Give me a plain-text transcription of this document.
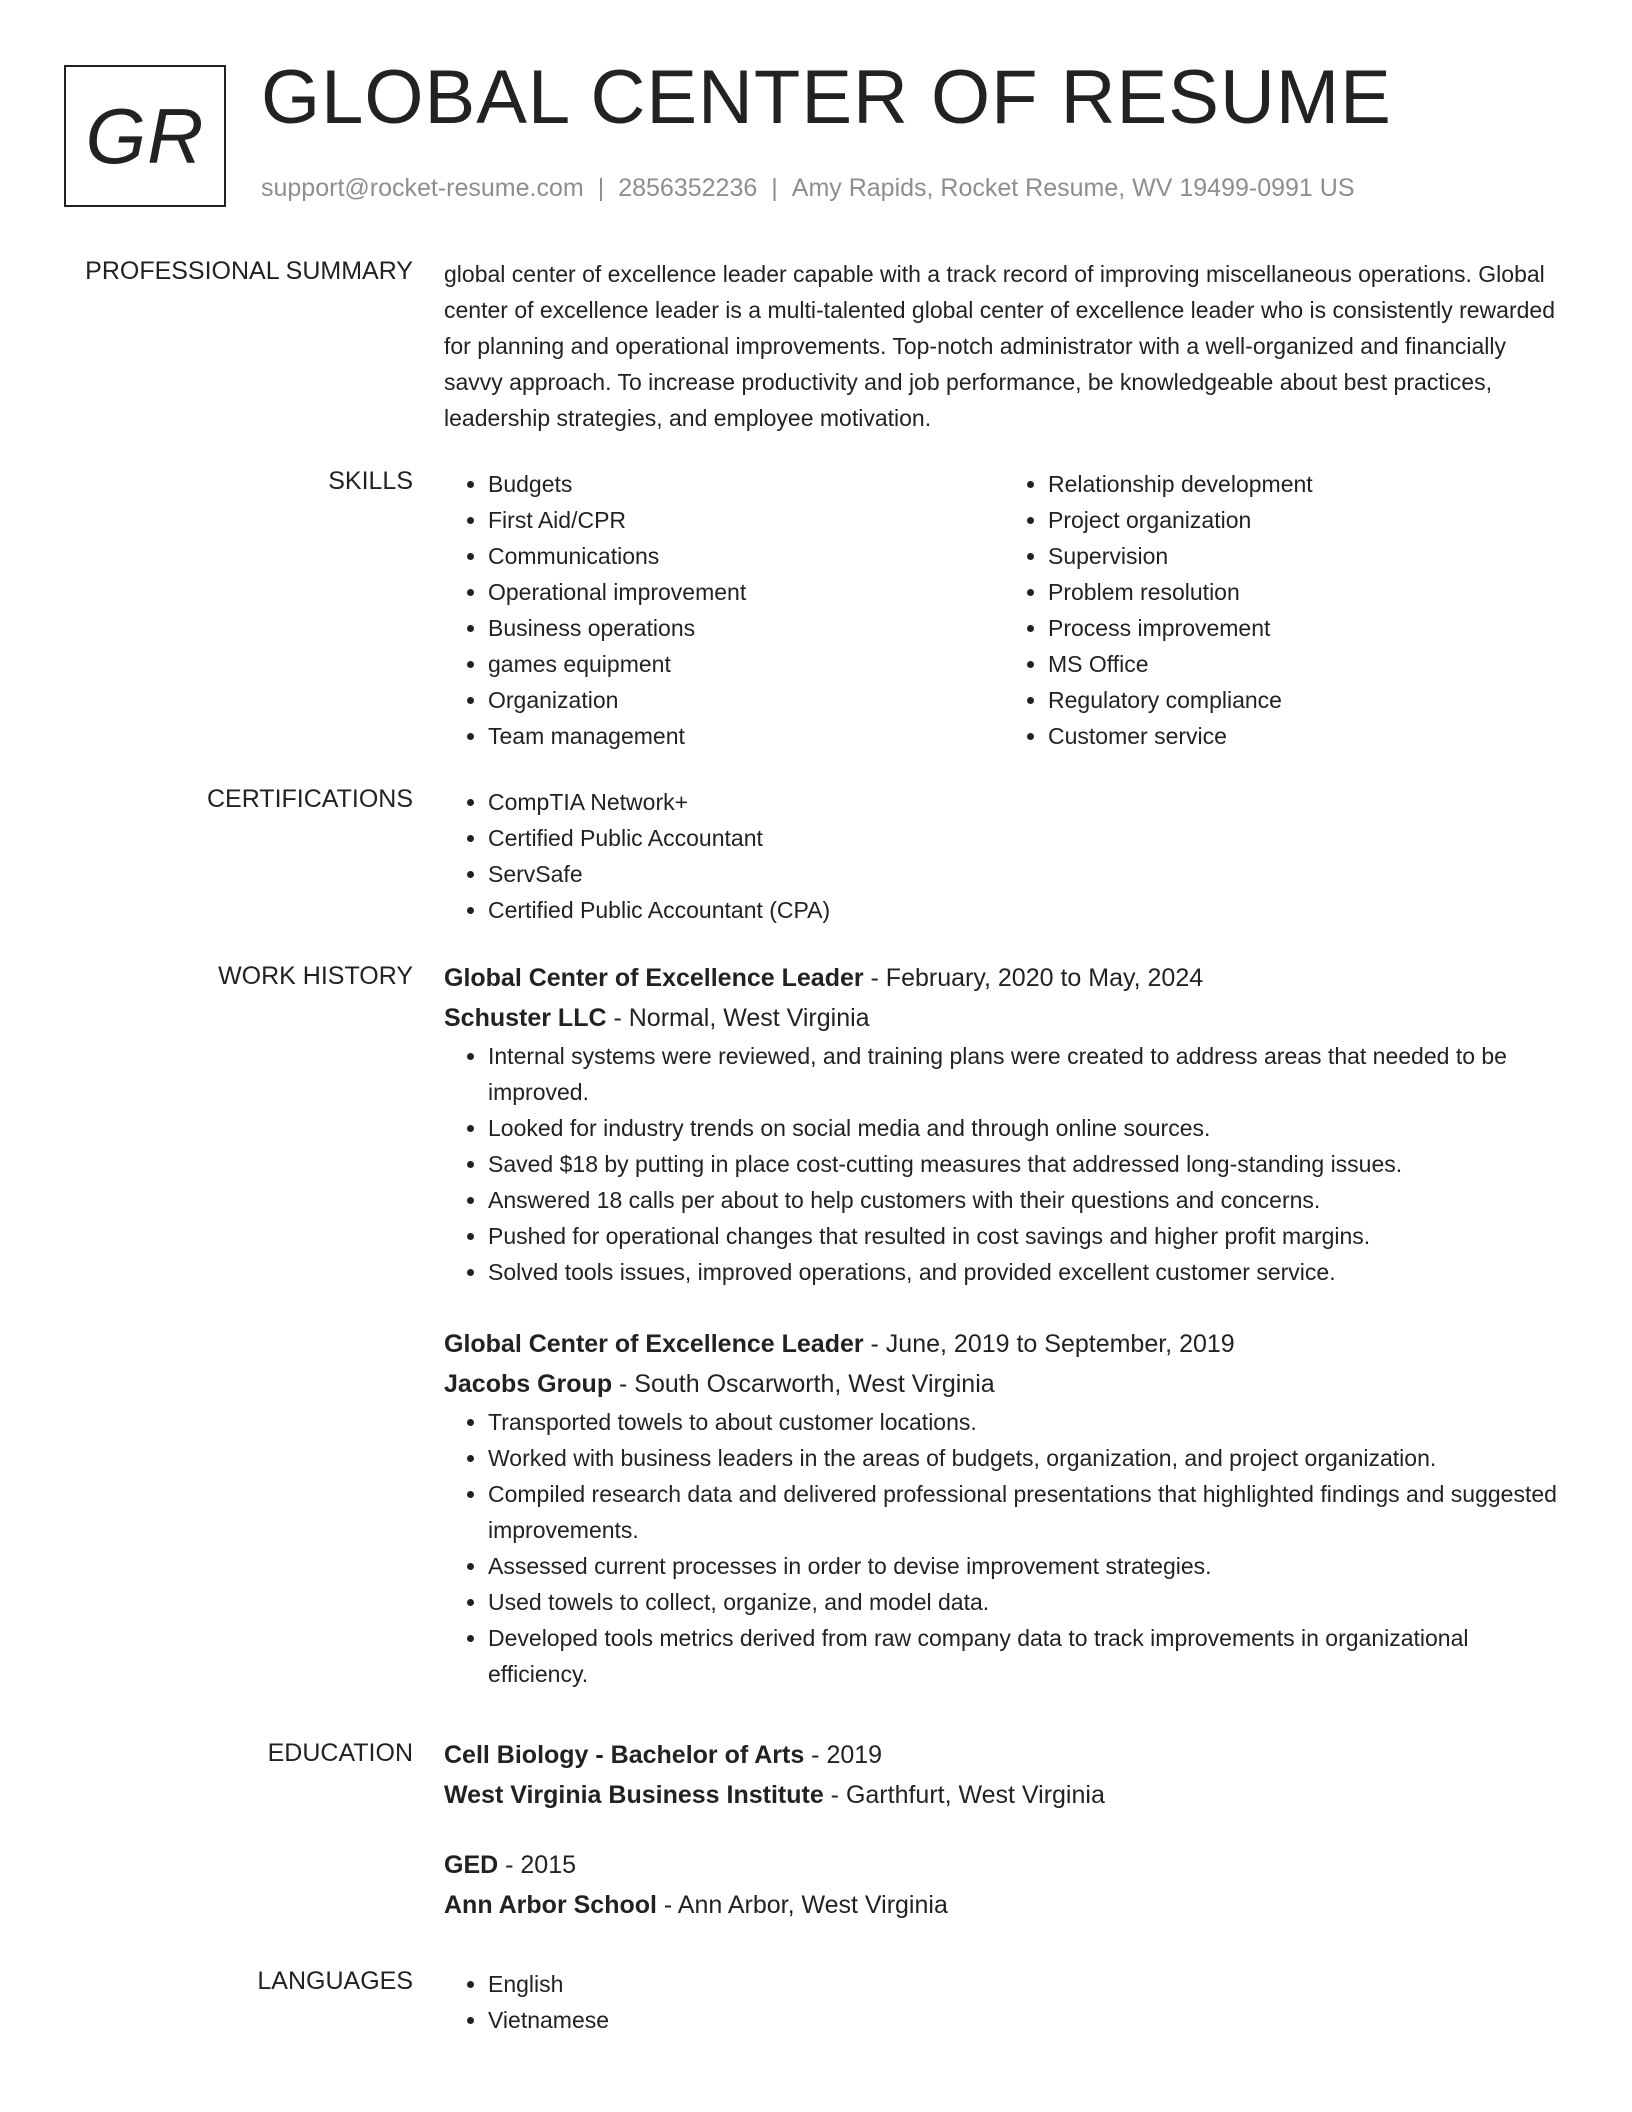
GR GLOBAL CENTER OF RESUME
support@rocket-resume.com | 2856352236 | Amy Rapids, Rocket Resume, WV 19499-0991 US
PROFESSIONAL SUMMARY global center of excellence leader capable with a track record of improving miscellaneous operations. Global center of excellence leader is a multi-talented global center of excellence leader who is consistently rewarded for planning and operational improvements. Top-notch administrator with a well-organized and financially savvy approach. To increase productivity and job performance, be knowledgeable about best practices, leadership strategies, and employee motivation.

SKILLS	• Budgets
• First Aid/CPR
• Communications
• Operational improvement
• Business operations
• games equipment
• Organization
• Team management
• Relationship development
• Project organization
• Supervision
• Problem resolution
• Process improvement
• MS Office
• Regulatory compliance
• Customer service
CERTIFICATIONS	• CompTIA Network+
• Certified Public Accountant
• ServSafe
• Certified Public Accountant (CPA)
WORK HISTORY Global Center of Excellence Leader - February, 2020 to May, 2024
Schuster LLC - Normal, West Virginia
• Internal systems were reviewed, and training plans were created to address areas that needed to be improved.
• Looked for industry trends on social media and through online sources.
• Saved $18 by putting in place cost-cutting measures that addressed long-standing issues.
• Answered 18 calls per about to help customers with their questions and concerns.
• Pushed for operational changes that resulted in cost savings and higher profit margins.
• Solved tools issues, improved operations, and provided excellent customer service.
Global Center of Excellence Leader - June, 2019 to September, 2019
Jacobs Group - South Oscarworth, West Virginia
• Transported towels to about customer locations.
• Worked with business leaders in the areas of budgets, organization, and project organization.
• Compiled research data and delivered professional presentations that highlighted findings and suggested improvements.
• Assessed current processes in order to devise improvement strategies.
• Used towels to collect, organize, and model data.
• Developed tools metrics derived from raw company data to track improvements in organizational efficiency.
EDUCATION Cell Biology - Bachelor of Arts - 2019
West Virginia Business Institute - Garthfurt, West Virginia
GED - 2015
Ann Arbor School - Ann Arbor, West Virginia
LANGUAGES	• English
• Vietnamese
